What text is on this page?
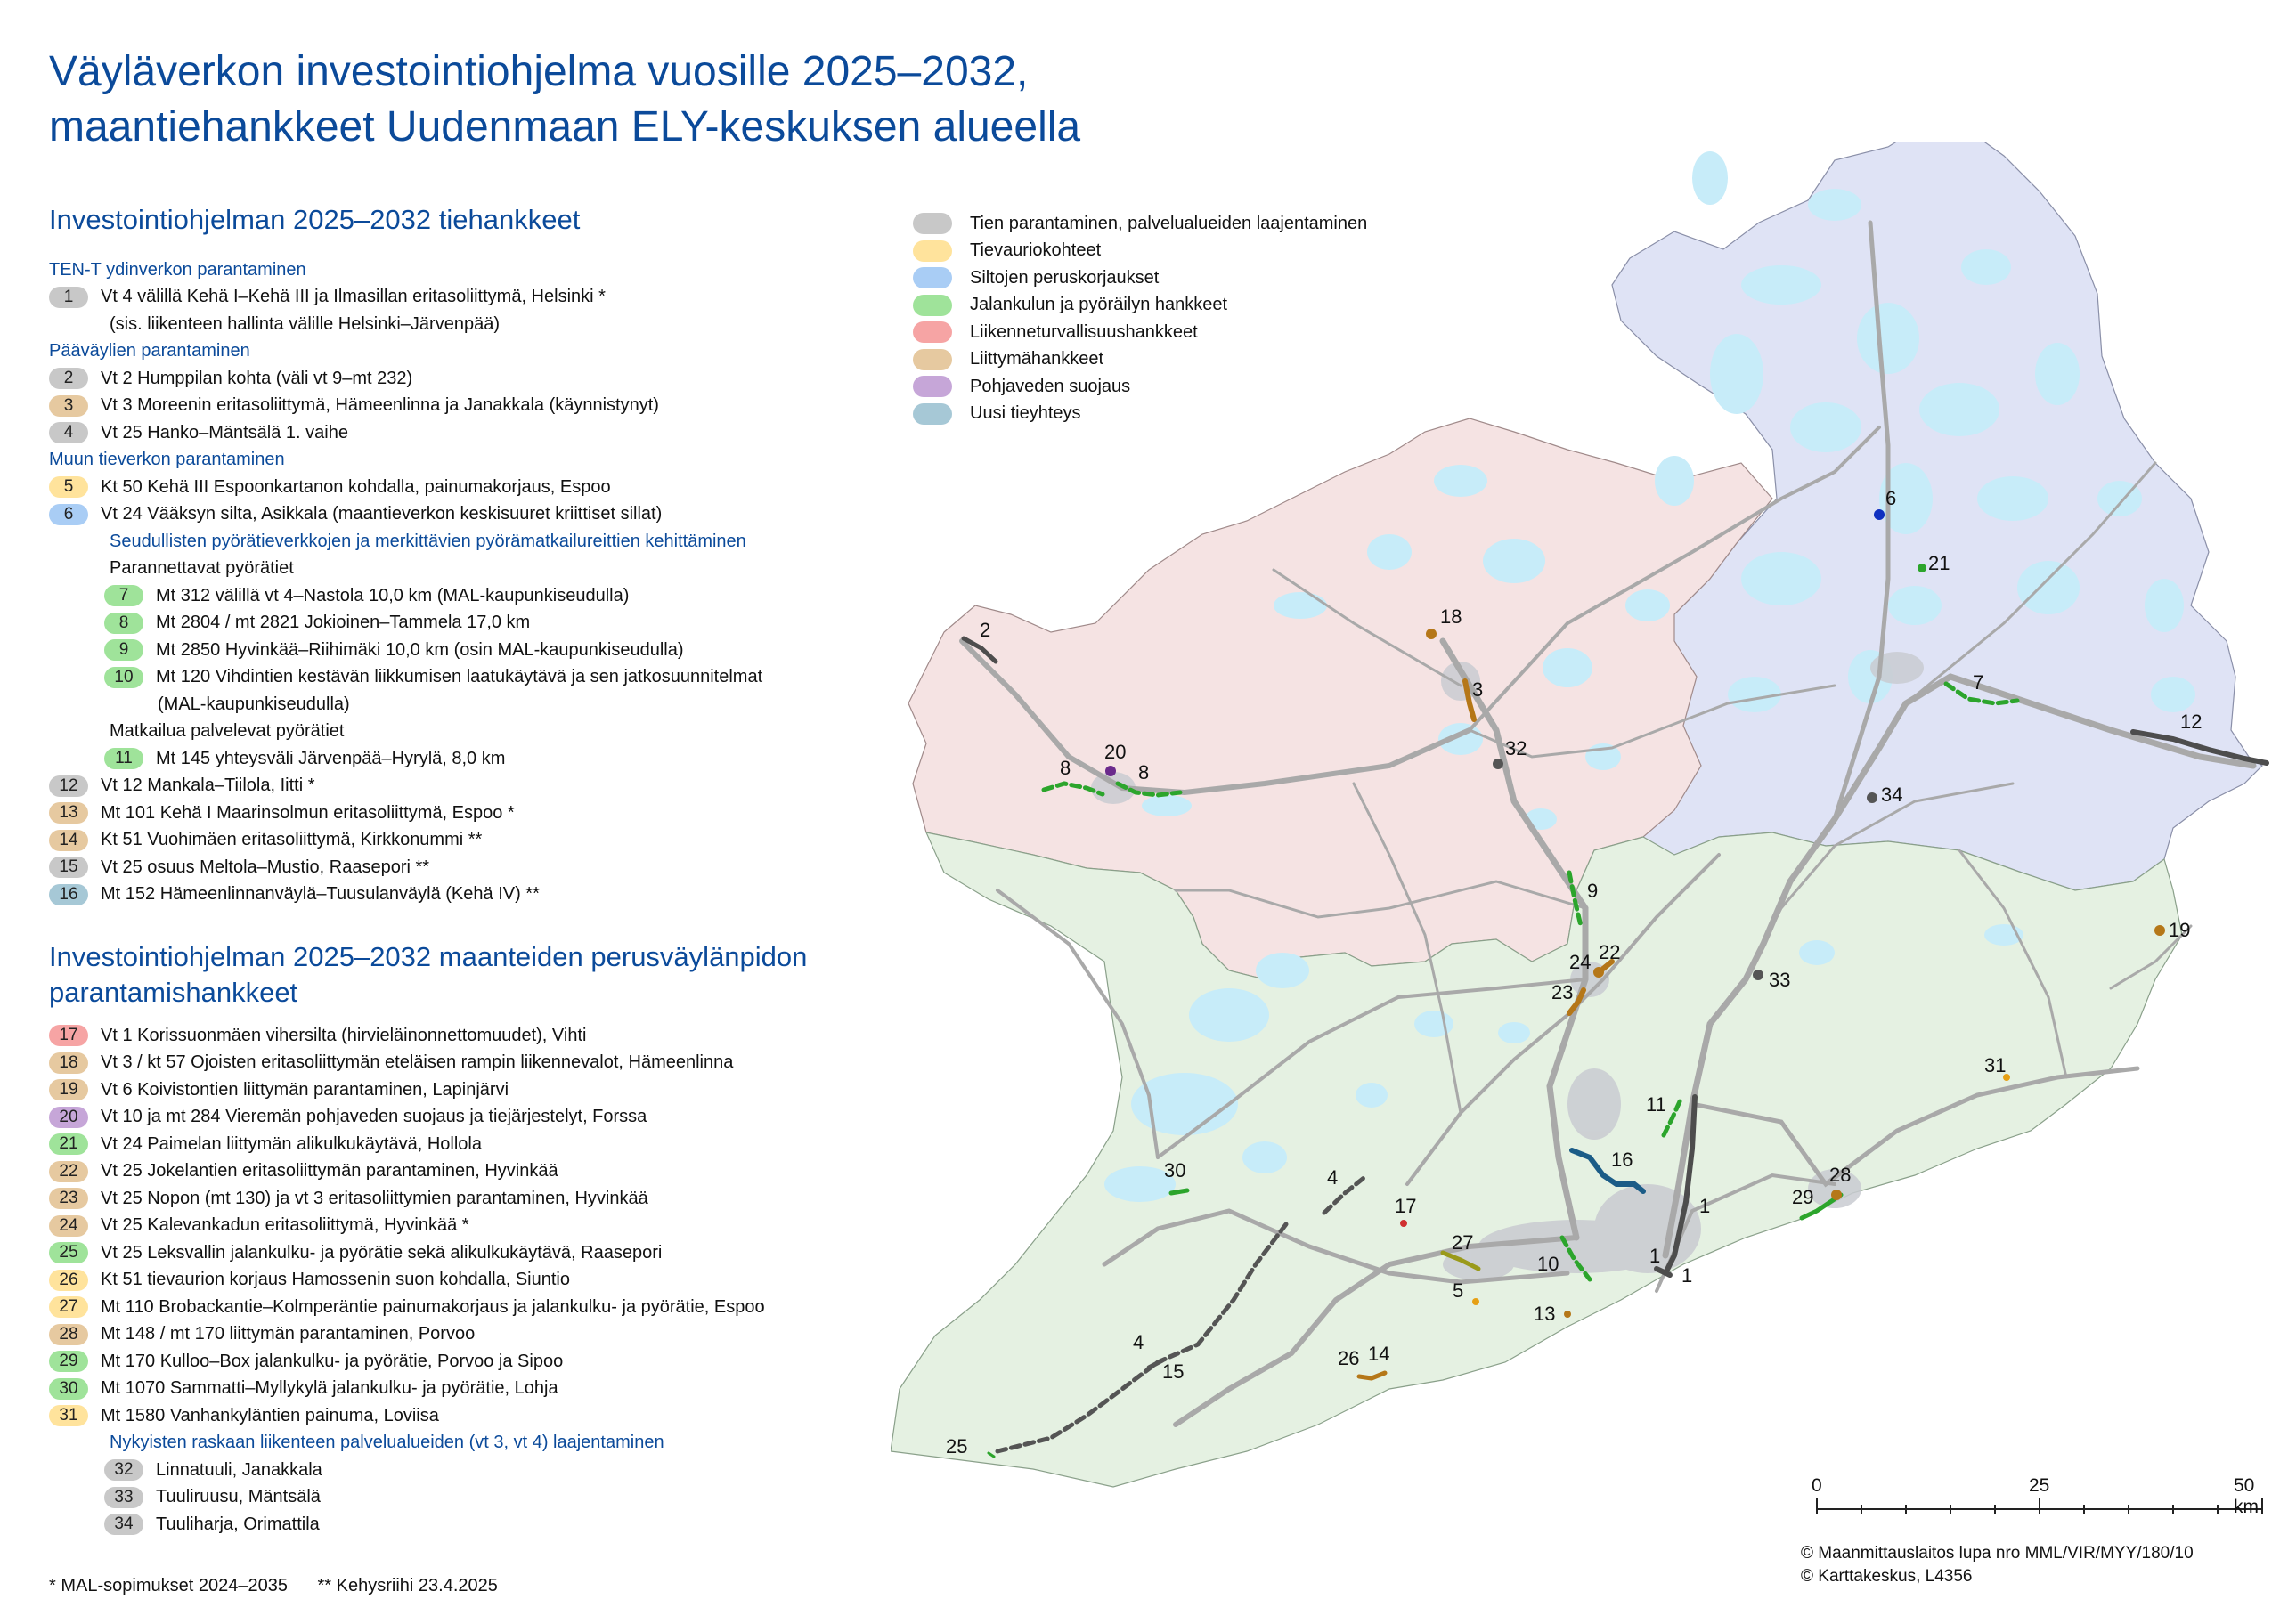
Väyläverkon investointiohjelma vuosille 2025–2032,
maantiehankkeet Uudenmaan ELY-keskuksen alueella
Investointiohjelman 2025–2032 tiehankkeet
TEN-T ydinverkon parantaminen
1	Vt 4 välillä Kehä I–Kehä III ja Ilmasillan eritasoliittymä, Helsinki *
(sis. liikenteen hallinta välille Helsinki–Järvenpää)
Pääväylien parantaminen
2	Vt 2 Humppilan kohta (väli vt 9–mt 232)
3	Vt 3 Moreenin eritasoliittymä, Hämeenlinna ja Janakkala (käynnistynyt)
4	Vt 25 Hanko–Mäntsälä 1. vaihe
Muun tieverkon parantaminen
5	Kt 50 Kehä III Espoonkartanon kohdalla, painumakorjaus, Espoo
6	Vt 24 Vääksyn silta, Asikkala (maantieverkon keskisuuret kriittiset sillat)
Seudullisten pyörätieverkkojen ja merkittävien pyörämatkailureittien kehittäminen
Parannettavat pyörätiet
7	Mt 312 välillä vt 4–Nastola 10,0 km (MAL-kaupunkiseudulla)
8	Mt 2804 / mt 2821 Jokioinen–Tammela 17,0 km
9	Mt 2850 Hyvinkää–Riihimäki 10,0 km (osin MAL-kaupunkiseudulla)
10	Mt 120 Vihdintien kestävän liikkumisen laatukäytävä ja sen jatkosuunnitelmat
(MAL-kaupunkiseudulla)
Matkailua palvelevat pyörätiet
11	Mt 145 yhteysväli Järvenpää–Hyrylä, 8,0 km
12	Vt 12 Mankala–Tiilola, Iitti *
13	Mt 101 Kehä I Maarinsolmun eritasoliittymä, Espoo *
14	Kt 51 Vuohimäen eritasoliittymä, Kirkkonummi **
15	Vt 25 osuus Meltola–Mustio, Raasepori **
16	Mt 152 Hämeenlinnanväylä–Tuusulanväylä (Kehä IV) **
Investointiohjelman 2025–2032 maanteiden perusväylänpidon
parantamishankkeet
17	Vt 1 Korissuonmäen vihersilta (hirvieläinonnettomuudet), Vihti
18	Vt 3 / kt 57 Ojoisten eritasoliittymän eteläisen rampin liikennevalot, Hämeenlinna
19	Vt 6 Koivistontien liittymän parantaminen, Lapinjärvi
20	Vt 10 ja mt 284 Vieremän pohjaveden suojaus ja tiejärjestelyt, Forssa
21	Vt 24 Paimelan liittymän alikulkukäytävä, Hollola
22	Vt 25 Jokelantien eritasoliittymän parantaminen, Hyvinkää
23	Vt 25 Nopon (mt 130) ja vt 3 eritasoliittymien parantaminen, Hyvinkää
24	Vt 25 Kalevankadun eritasoliittymä, Hyvinkää *
25	Vt 25 Leksvallin jalankulku- ja pyörätie sekä alikulkukäytävä, Raasepori
26	Kt 51 tievaurion korjaus Hamossenin suon kohdalla, Siuntio
27	Mt 110 Brobackantie–Kolmperäntie painumakorjaus ja jalankulku- ja pyörätie, Espoo
28	Mt 148 / mt 170 liittymän parantaminen, Porvoo
29	Mt 170 Kulloo–Box jalankulku- ja pyörätie, Porvoo ja Sipoo
30	Mt 1070 Sammatti–Myllykylä jalankulku- ja pyörätie, Lohja
31	Mt 1580 Vanhankyläntien painuma, Loviisa
Nykyisten raskaan liikenteen palvelualueiden (vt 3, vt 4) laajentaminen
32	Linnatuuli, Janakkala
33	Tuuliruusu, Mäntsälä
34	Tuuliharja, Orimattila
* MAL-sopimukset 2024–2035 ** Kehysriihi 23.4.2025
1
1
1
2
3
4
4
5
6
7
8	8
9
10
11
12
13
14
15
16
17
18
19
20
21
22
23
24
25
26
27
28
29
30
31
32
33
34
0	25	50 km
Tien parantaminen, palvelualueiden laajentaminen
Tievauriokohteet
Siltojen peruskorjaukset
Jalankulun ja pyöräilyn hankkeet
Liikenneturvallisuushankkeet
Liittymähankkeet
Pohjaveden suojaus
Uusi tieyhteys
© Maanmittauslaitos lupa nro MML/VIR/MYY/180/10
© Karttakeskus, L4356
